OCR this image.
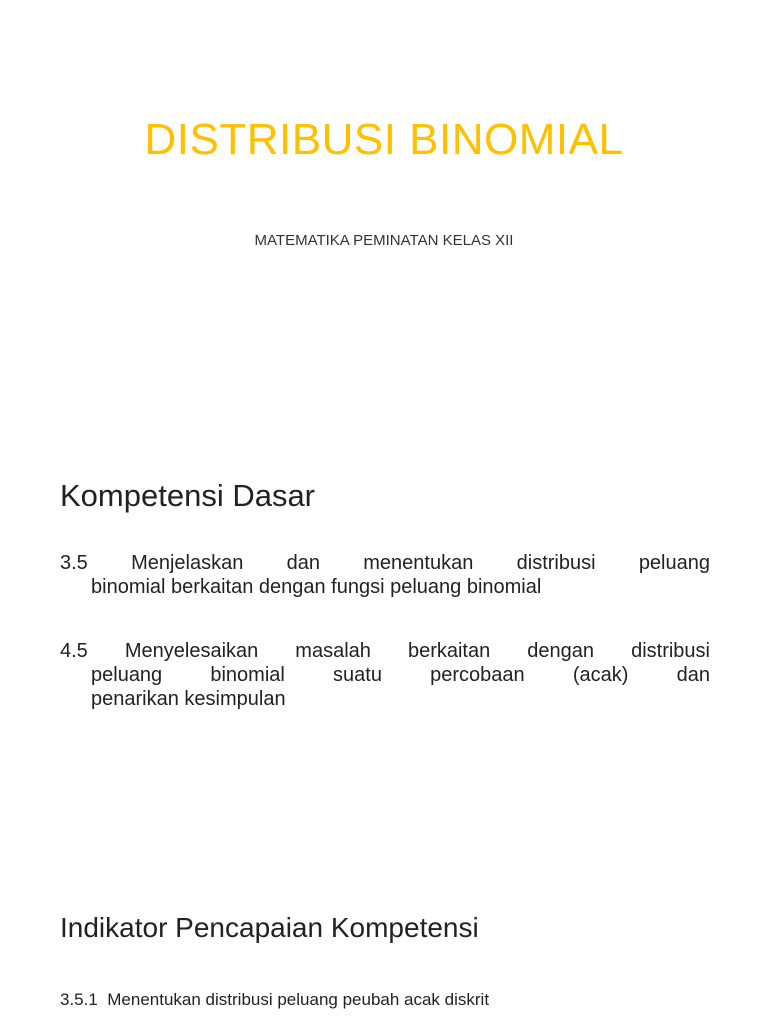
DISTRIBUSI BINOMIAL

MATEMATIKA PEMINATAN KELAS XII

Kompetensi Dasar
3.5 Menjelaskan dan menentukan distribusi peluang
binomial berkaitan dengan fungsi peluang binomial
4.5 Menyelesaikan masalah berkaitan dengan distribusi
peluang binomial suatu percobaan (acak) dan
penarikan kesimpulan
Indikator Pencapaian Kompetensi

3.5.1  Menentukan distribusi peluang peubah acak diskrit
